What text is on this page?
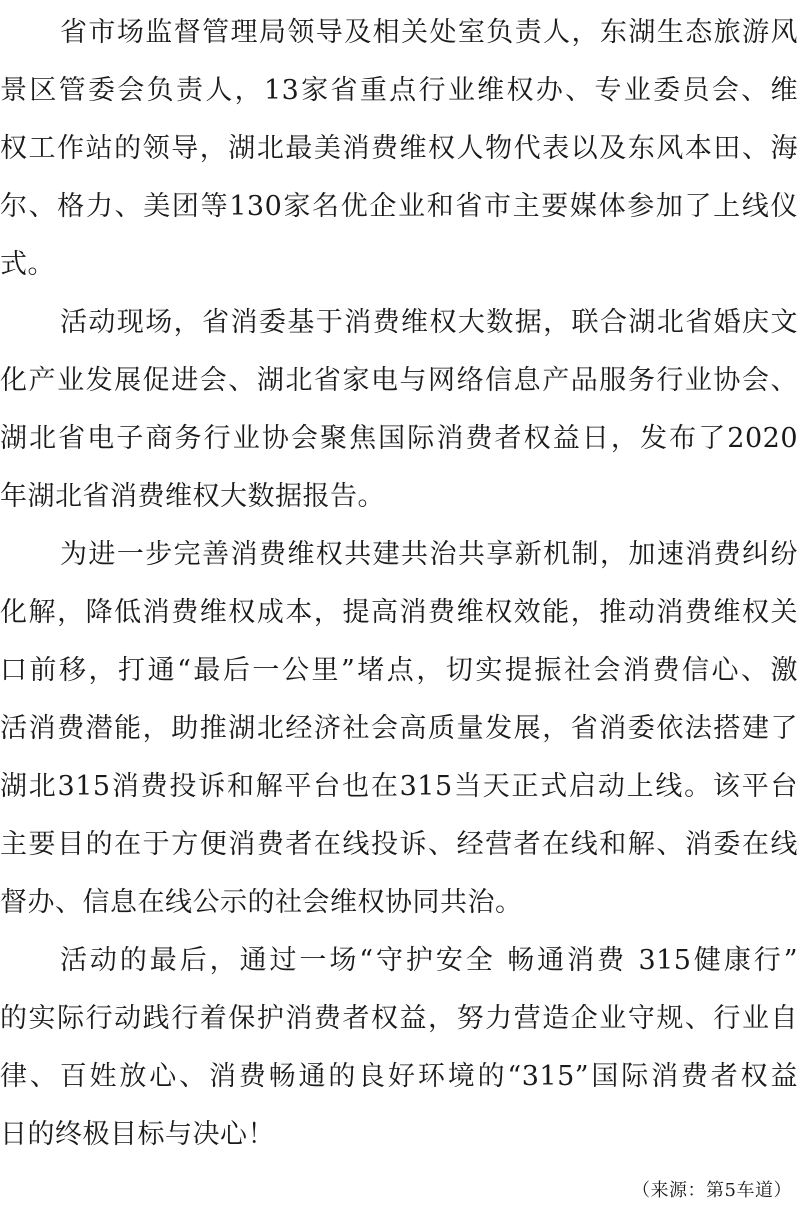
省市场监督管理局领导及相关处室负责人，东湖生态旅游风
景区管委会负责人，13家省重点行业维权办、专业委员会、维
权工作站的领导，湖北最美消费维权人物代表以及东风本田、海
尔、格力、美团等130家名优企业和省市主要媒体参加了上线仪
式。
活动现场，省消委基于消费维权大数据，联合湖北省婚庆文
化产业发展促进会、湖北省家电与网络信息产品服务行业协会、
湖北省电子商务行业协会聚焦国际消费者权益日，发布了2020
年湖北省消费维权大数据报告。
为进一步完善消费维权共建共治共享新机制，加速消费纠纷
化解，降低消费维权成本，提高消费维权效能，推动消费维权关
口前移，打通“最后一公里”堵点，切实提振社会消费信心、激
活消费潜能，助推湖北经济社会高质量发展，省消委依法搭建了
湖北315消费投诉和解平台也在315当天正式启动上线。该平台
主要目的在于方便消费者在线投诉、经营者在线和解、消委在线
督办、信息在线公示的社会维权协同共治。
活动的最后，通过一场“守护安全 畅通消费 315健康行”
的实际行动践行着保护消费者权益，努力营造企业守规、行业自
律、百姓放心、消费畅通的良好环境的“315”国际消费者权益
日的终极目标与决心！
（来源：第5车道）
